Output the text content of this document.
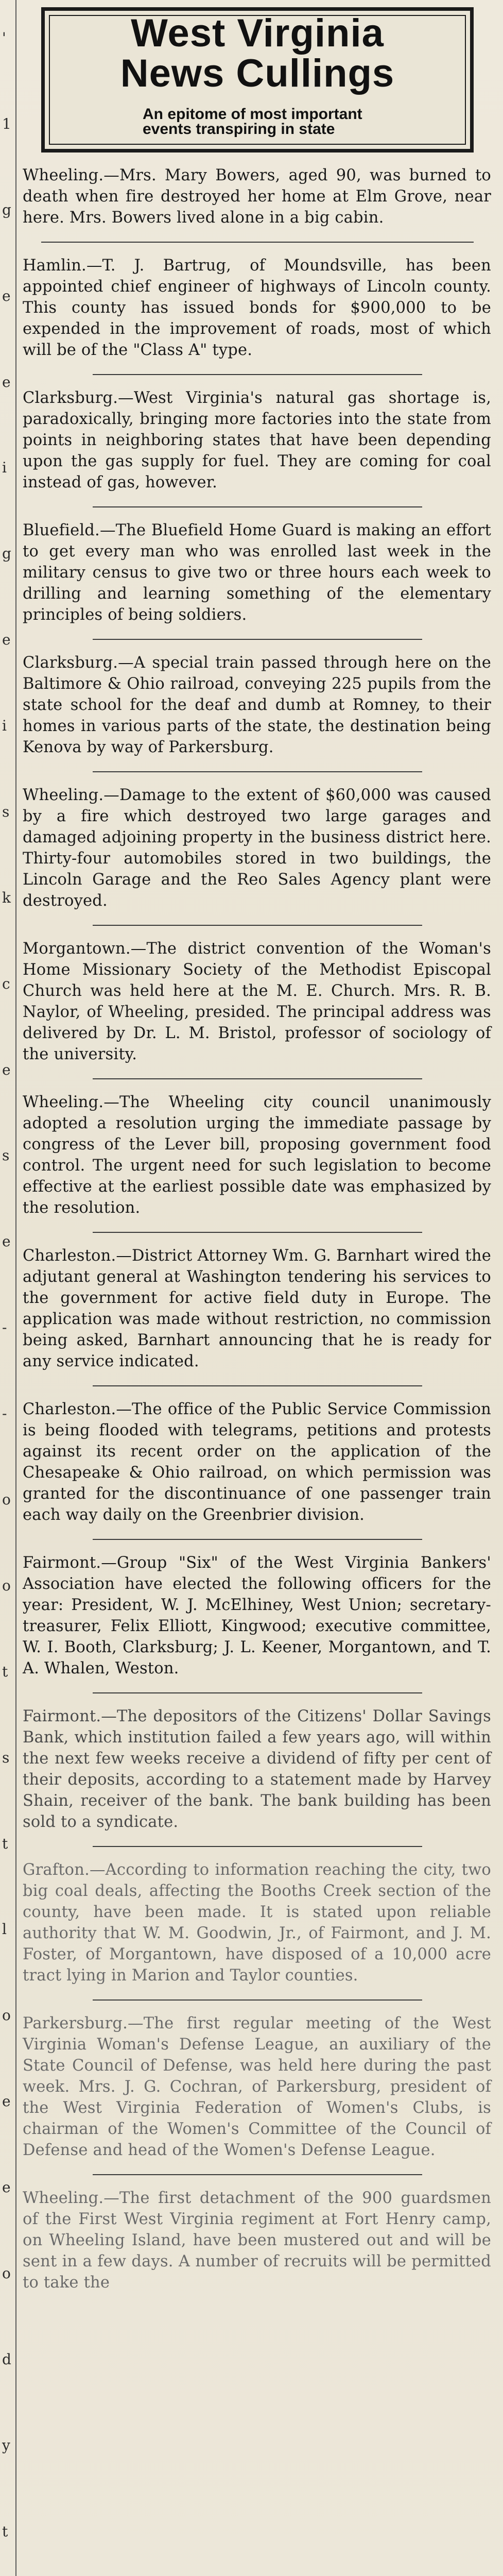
'
1
g
e
e
i
g
e
i
s
k
c
e
s
e
-
-
o
o
t
s
t
l
o
e
e
o
d
y
t
West Virginia
News Cullings
An epitome of most important events transpiring in state
Wheeling.—Mrs. Mary Bowers, aged 90, was burned to death when fire destroyed her home at Elm Grove, near here. Mrs. Bowers lived alone in a big cabin.
Hamlin.—T. J. Bartrug, of Moundsville, has been appointed chief engineer of highways of Lincoln county. This county has issued bonds for $900,000 to be expended in the improvement of roads, most of which will be of the "Class A" type.
Clarksburg.—West Virginia's natural gas shortage is, paradoxically, bringing more factories into the state from points in neighboring states that have been depending upon the gas supply for fuel. They are coming for coal instead of gas, however.
Bluefield.—The Bluefield Home Guard is making an effort to get every man who was enrolled last week in the military census to give two or three hours each week to drilling and learning something of the elementary principles of being soldiers.
Clarksburg.—A special train passed through here on the Baltimore & Ohio railroad, conveying 225 pupils from the state school for the deaf and dumb at Romney, to their homes in various parts of the state, the destination being Kenova by way of Parkersburg.
Wheeling.—Damage to the extent of $60,000 was caused by a fire which destroyed two large garages and damaged adjoining property in the business district here. Thirty-four automobiles stored in two buildings, the Lincoln Garage and the Reo Sales Agency plant were destroyed.
Morgantown.—The district convention of the Woman's Home Missionary Society of the Methodist Episcopal Church was held here at the M. E. Church. Mrs. R. B. Naylor, of Wheeling, presided. The principal address was delivered by Dr. L. M. Bristol, professor of sociology of the university.
Wheeling.—The Wheeling city council unanimously adopted a resolution urging the immediate passage by congress of the Lever bill, proposing government food control. The urgent need for such legislation to become effective at the earliest possible date was emphasized by the resolution.
Charleston.—District Attorney Wm. G. Barnhart wired the adjutant general at Washington tendering his services to the government for active field duty in Europe. The application was made without restriction, no commission being asked, Barnhart announcing that he is ready for any service indicated.
Charleston.—The office of the Public Service Commission is being flooded with telegrams, petitions and protests against its recent order on the application of the Chesapeake & Ohio railroad, on which permission was granted for the discontinuance of one passenger train each way daily on the Greenbrier division.
Fairmont.—Group "Six" of the West Virginia Bankers' Association have elected the following officers for the year: President, W. J. McElhiney, West Union; secretary-treasurer, Felix Elliott, Kingwood; executive committee, W. I. Booth, Clarksburg; J. L. Keener, Morgantown, and T. A. Whalen, Weston.
Fairmont.—The depositors of the Citizens' Dollar Savings Bank, which institution failed a few years ago, will within the next few weeks receive a dividend of fifty per cent of their deposits, according to a statement made by Harvey Shain, receiver of the bank. The bank building has been sold to a syndicate.
Grafton.—According to information reaching the city, two big coal deals, affecting the Booths Creek section of the county, have been made. It is stated upon reliable authority that W. M. Goodwin, Jr., of Fairmont, and J. M. Foster, of Morgantown, have disposed of a 10,000 acre tract lying in Marion and Taylor counties.
Parkersburg.—The first regular meeting of the West Virginia Woman's Defense League, an auxiliary of the State Council of Defense, was held here during the past week. Mrs. J. G. Cochran, of Parkersburg, president of the West Virginia Federation of Women's Clubs, is chairman of the Women's Committee of the Council of Defense and head of the Women's Defense League.
Wheeling.—The first detachment of the 900 guardsmen of the First West Virginia regiment at Fort Henry camp, on Wheeling Island, have been mustered out and will be sent in a few days. A number of recruits will be permitted to take the
